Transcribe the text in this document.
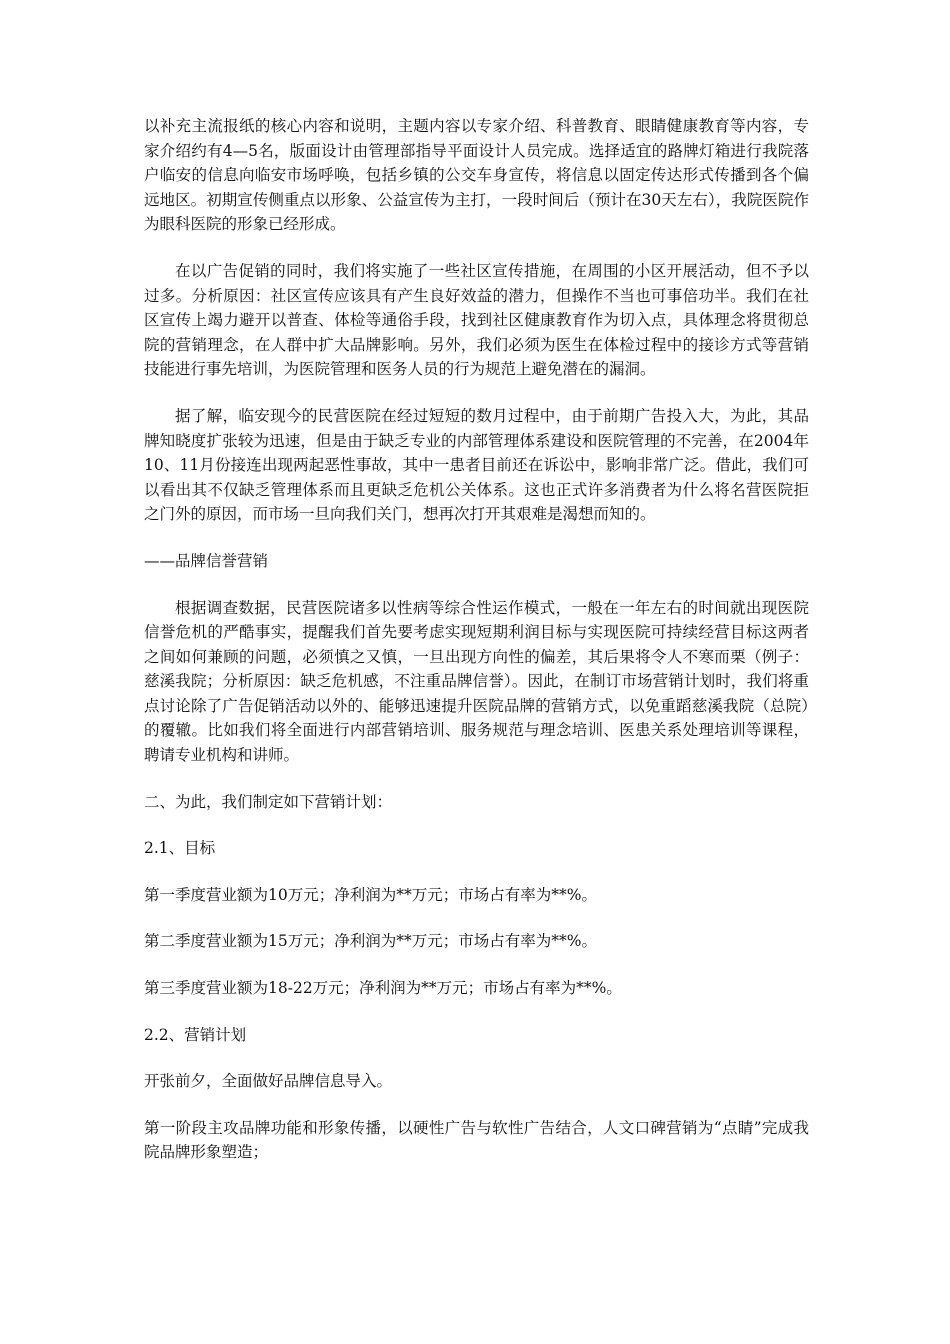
以补充主流报纸的核心内容和说明，主题内容以专家介绍、科普教育、眼睛健康教育等内容，专家介绍约有4—5名，版面设计由管理部指导平面设计人员完成。选择适宜的路牌灯箱进行我院落户临安的信息向临安市场呼唤，包括乡镇的公交车身宣传，将信息以固定传达形式传播到各个偏远地区。初期宣传侧重点以形象、公益宣传为主打，一段时间后（预计在30天左右），我院医院作为眼科医院的形象已经形成。

在以广告促销的同时，我们将实施了一些社区宣传措施，在周围的小区开展活动，但不予以过多。分析原因：社区宣传应该具有产生良好效益的潜力，但操作不当也可事倍功半。我们在社区宣传上竭力避开以普查、体检等通俗手段，找到社区健康教育作为切入点，具体理念将贯彻总院的营销理念，在人群中扩大品牌影响。另外，我们必须为医生在体检过程中的接诊方式等营销技能进行事先培训，为医院管理和医务人员的行为规范上避免潜在的漏洞。

据了解，临安现今的民营医院在经过短短的数月过程中，由于前期广告投入大，为此，其品牌知晓度扩张较为迅速，但是由于缺乏专业的内部管理体系建设和医院管理的不完善，在2004年10、11月份接连出现两起恶性事故，其中一患者目前还在诉讼中，影响非常广泛。借此，我们可以看出其不仅缺乏管理体系而且更缺乏危机公关体系。这也正式许多消费者为什么将名营医院拒之门外的原因，而市场一旦向我们关门，想再次打开其艰难是渴想而知的。

——品牌信誉营销

根据调查数据，民营医院诸多以性病等综合性运作模式，一般在一年左右的时间就出现医院信誉危机的严酷事实，提醒我们首先要考虑实现短期利润目标与实现医院可持续经营目标这两者之间如何兼顾的问题，必须慎之又慎，一旦出现方向性的偏差，其后果将令人不寒而栗（例子：慈溪我院；分析原因：缺乏危机感，不注重品牌信誉）。因此，在制订市场营销计划时，我们将重点讨论除了广告促销活动以外的、能够迅速提升医院品牌的营销方式，以免重蹈慈溪我院（总院）的覆辙。比如我们将全面进行内部营销培训、服务规范与理念培训、医患关系处理培训等课程，聘请专业机构和讲师。

二、为此，我们制定如下营销计划：

2.1、目标

第一季度营业额为10万元；净利润为**万元；市场占有率为**%。

第二季度营业额为15万元；净利润为**万元；市场占有率为**%。

第三季度营业额为18-22万元；净利润为**万元；市场占有率为**%。

2.2、营销计划

开张前夕，全面做好品牌信息导入。

第一阶段主攻品牌功能和形象传播，以硬性广告与软性广告结合，人文口碑营销为“点睛”完成我院品牌形象塑造；
